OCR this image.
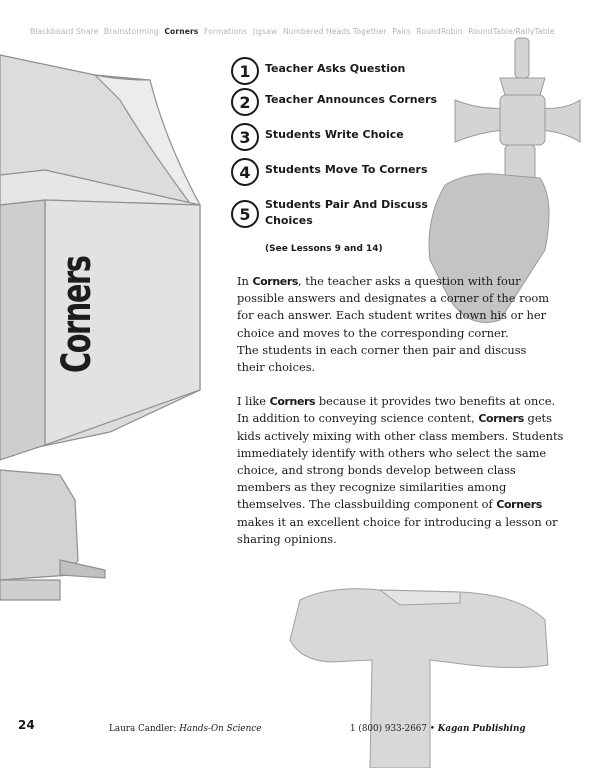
Blackboard Share Brainstorming Corners Formations Jigsaw Numbered Heads Together Pairs RoundRobin RoundTable/RallyTable
Corners
1	Teacher Asks Question
2	Teacher Announces Corners
3	Students Write Choice
4	Students Move To Corners
5	Students Pair And Discuss
Choices
(See Lessons 9 and 14)
In Corners, the teacher asks a question with four
possible answers and designates a corner of the room
for each answer. Each student writes down his or her
choice and moves to the corresponding corner.
The students in each corner then pair and discuss
their choices.
I like Corners because it provides two benefits at once.
In addition to conveying science content, Corners gets
kids actively mixing with other class members. Students
immediately identify with others who select the same
choice, and strong bonds develop between class
members as they recognize similarities among
themselves. The classbuilding component of Corners
makes it an excellent choice for introducing a lesson or
sharing opinions.
24	Laura Candler: Hands-On Science	1 (800) 933-2667 • Kagan Publishing
